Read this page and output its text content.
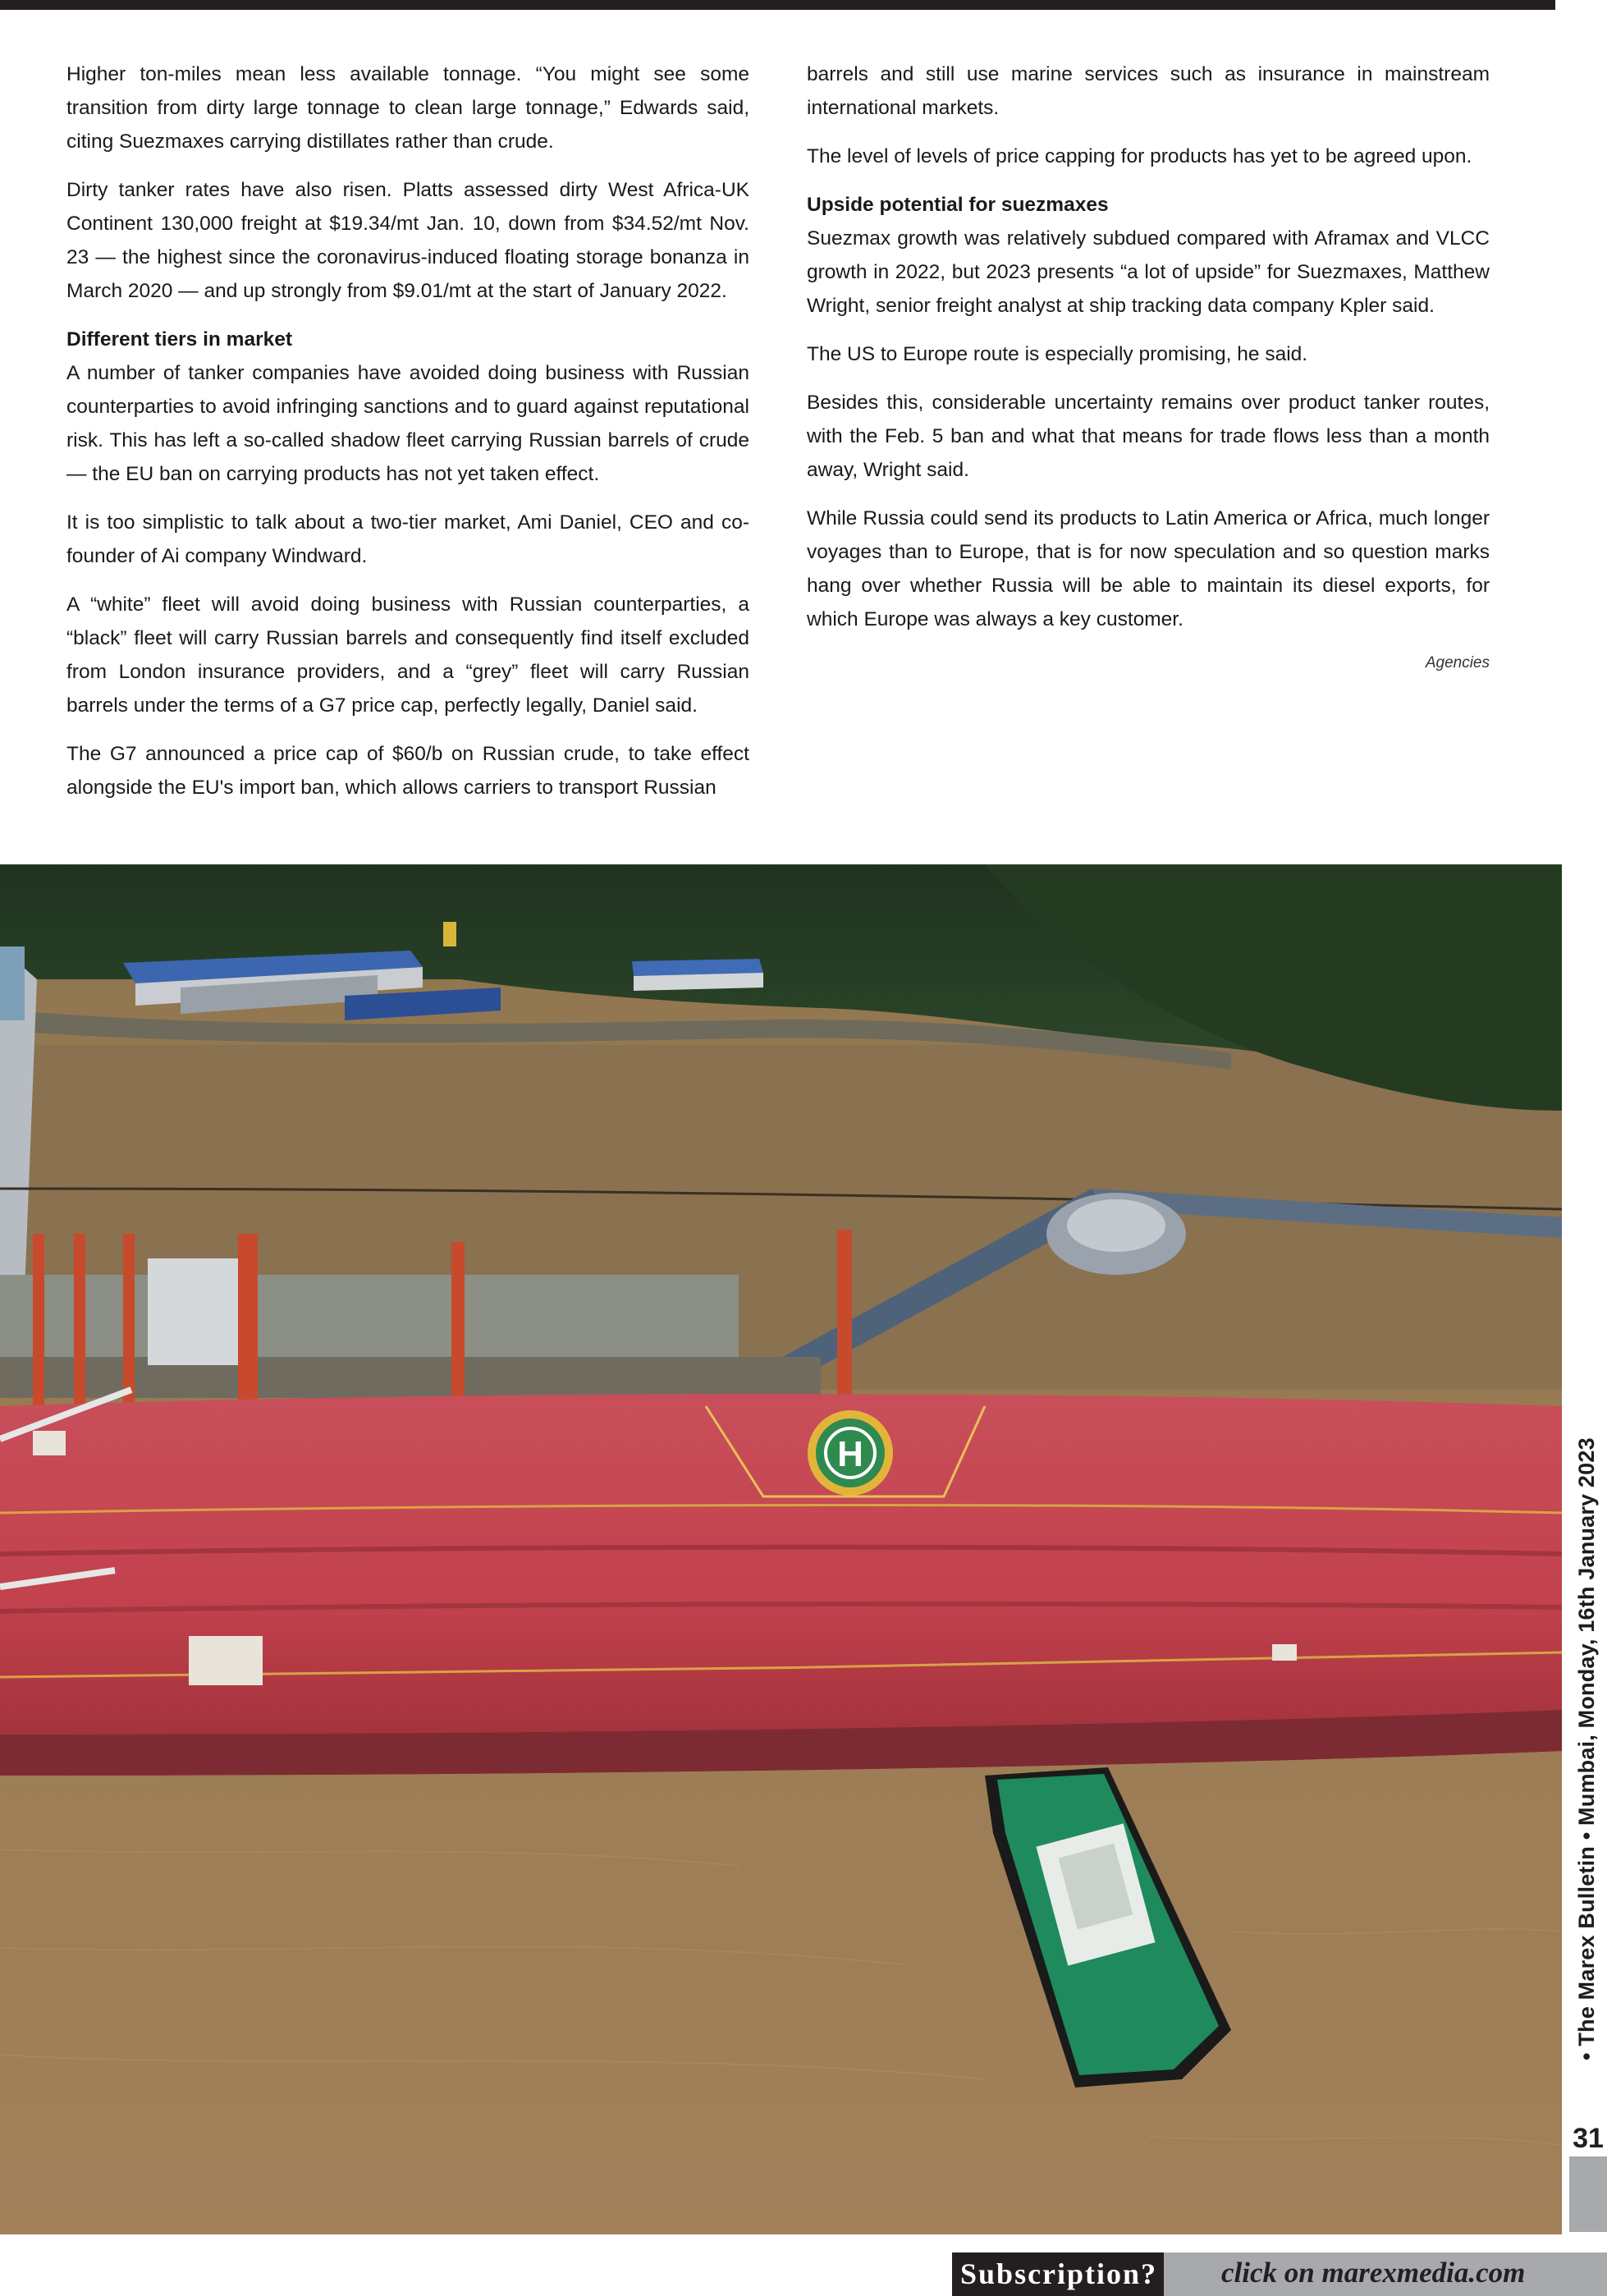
Higher ton-miles mean less available tonnage. “You might see some transition from dirty large tonnage to clean large tonnage,” Edwards said, citing Suezmaxes carrying distillates rather than crude.

Dirty tanker rates have also risen. Platts assessed dirty West Africa-UK Continent 130,000 freight at $19.34/mt Jan. 10, down from $34.52/mt Nov. 23 — the highest since the coronavirus-induced floating storage bonanza in March 2020 — and up strongly from $9.01/mt at the start of January 2022.

Different tiers in market

A number of tanker companies have avoided doing business with Russian counterparties to avoid infringing sanctions and to guard against reputational risk. This has left a so-called shadow fleet carrying Russian barrels of crude — the EU ban on carrying products has not yet taken effect.

It is too simplistic to talk about a two-tier market, Ami Daniel, CEO and co-founder of Ai company Windward.

A “white” fleet will avoid doing business with Russian counterparties, a “black” fleet will carry Russian barrels and consequently find itself excluded from London insurance providers, and a “grey” fleet will carry Russian barrels under the terms of a G7 price cap, perfectly legally, Daniel said.

The G7 announced a price cap of $60/b on Russian crude, to take effect alongside the EU's import ban, which allows carriers to transport Russian

barrels and still use marine services such as insurance in mainstream international markets.

The level of levels of price capping for products has yet to be agreed upon.

Upside potential for suezmaxes

Suezmax growth was relatively subdued compared with Aframax and VLCC growth in 2022, but 2023 presents “a lot of upside” for Suezmaxes, Matthew Wright, senior freight analyst at ship tracking data company Kpler said.

The US to Europe route is especially promising, he said.

Besides this, considerable uncertainty remains over product tanker routes, with the Feb. 5 ban and what that means for trade flows less than a month away, Wright said.

While Russia could send its products to Latin America or Africa, much longer voyages than to Europe, that is for now speculation and so question marks hang over whether Russia will be able to maintain its diesel exports, for which Europe was always a key customer.

Agencies

H	• The Marex Bulletin • Mumbai, Monday, 16th January 2023
31
Subscription? click on marexmedia.com
